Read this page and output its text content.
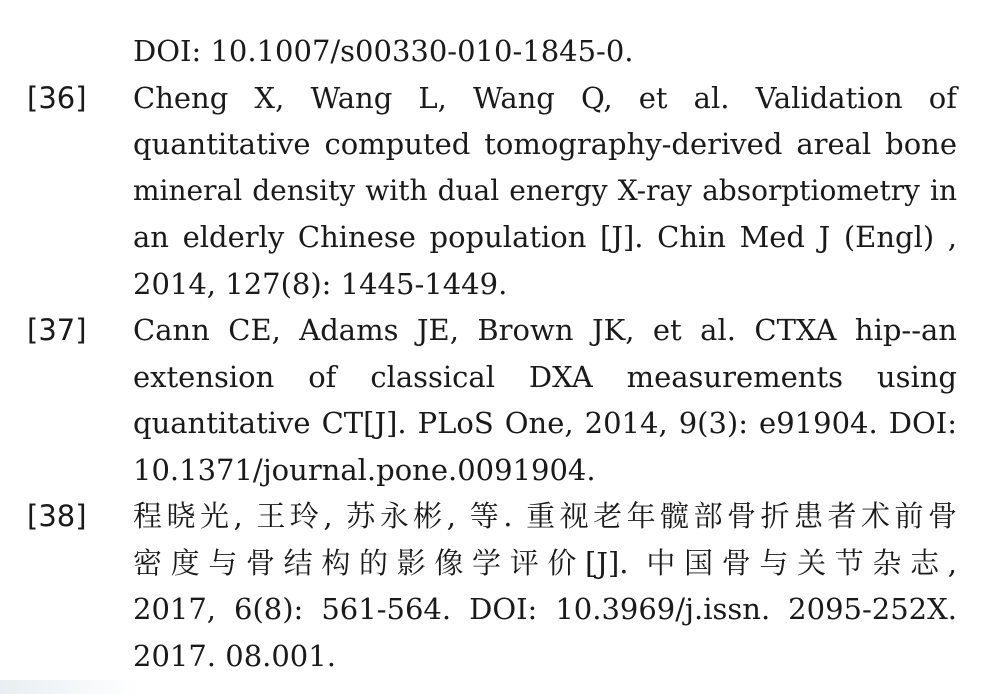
DOI: 10.1007/s00330-010-1845-0.
[36]	Cheng X, Wang L, Wang Q, et al. Validation of
quantitative computed tomography-derived areal bone
mineral density with dual energy X-ray absorptiometry in
an elderly Chinese population [J]. Chin Med J (Engl) ,
2014, 127(8): 1445-1449.
[37]	Cann CE, Adams JE, Brown JK, et al. CTXA hip--an
extension of classical DXA measurements using
quantitative CT[J]. PLoS One, 2014, 9(3): e91904. DOI:
10.1371/journal.pone.0091904.
[38]	程晓光, 王玲, 苏永彬, 等. 重视老年髋部骨折患者术前骨
密度与骨结构的影像学评价[J]. 中国骨与关节杂志,
2017, 6(8): 561-564. DOI: 10.3969/j.issn. 2095-252X.
2017. 08.001.
